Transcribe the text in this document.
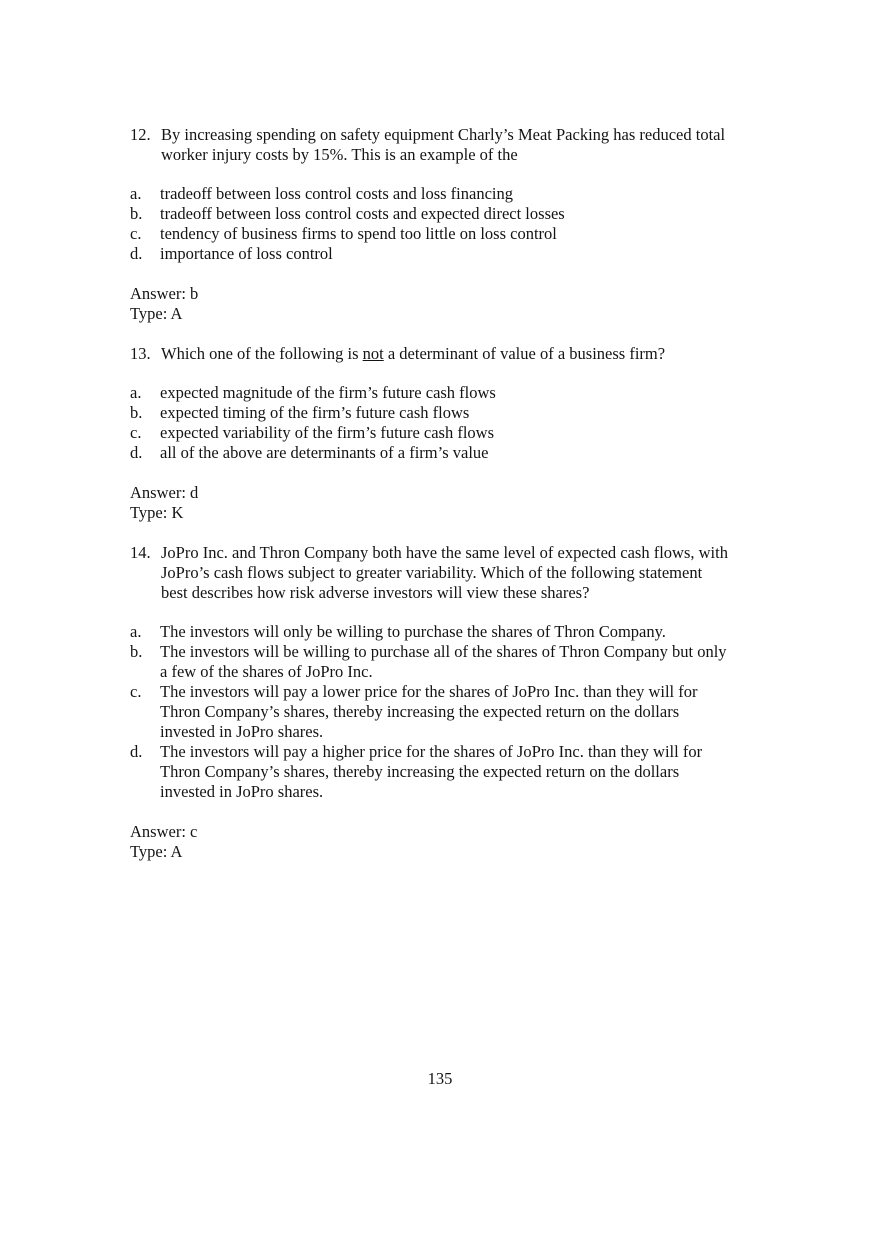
12. By increasing spending on safety equipment Charly’s Meat Packing has reduced total worker injury costs by 15%. This is an example of the
a.	tradeoff between loss control costs and loss financing
b.	tradeoff between loss control costs and expected direct losses
c.	tendency of business firms to spend too little on loss control
d.	importance of loss control
Answer: b
Type: A
13. Which one of the following is not a determinant of value of a business firm?
a.	expected magnitude of the firm’s future cash flows
b.	expected timing of the firm’s future cash flows
c.	expected variability of the firm’s future cash flows
d.	all of the above are determinants of a firm’s value
Answer: d
Type: K
14. JoPro Inc. and Thron Company both have the same level of expected cash flows, with JoPro’s cash flows subject to greater variability. Which of the following statement best describes how risk adverse investors will view these shares?
a.	The investors will only be willing to purchase the shares of Thron Company.
b.	The investors will be willing to purchase all of the shares of Thron Company but only a few of the shares of JoPro Inc.
c.	The investors will pay a lower price for the shares of JoPro Inc. than they will for Thron Company’s shares, thereby increasing the expected return on the dollars invested in JoPro shares.
d.	The investors will pay a higher price for the shares of JoPro Inc. than they will for Thron Company’s shares, thereby increasing the expected return on the dollars invested in JoPro shares.
Answer: c
Type: A
135
